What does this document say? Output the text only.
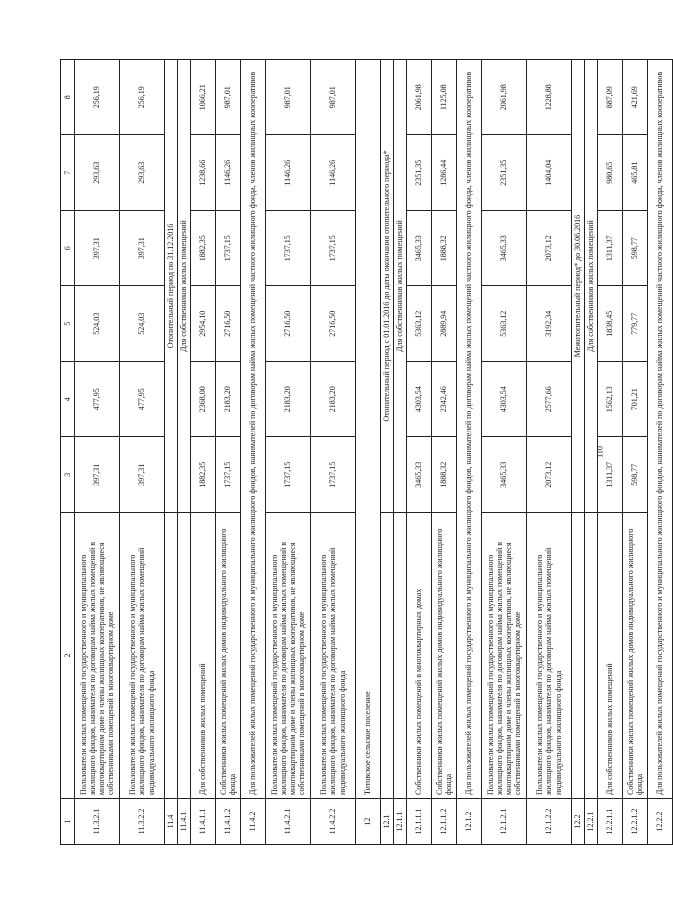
110
1	2	3	4	5	6	7	8
11.3.2.1	Пользователи жилых помещений государственного и муниципального жилищного фондов, нанимателя по договорам найма жилых помещений в многоквартирном доме и члены жилищных кооперативов, не являющиеся собственниками помещений в многоквартирном доме	397,31	477,95	524,03	397,31	293,63	256,19
11.3.2.2	Пользователи жилых помещений государственного и муниципального жилищного фондов, нанимателя по договорам найма жилых помещений индивидуального жилищного фонда	397,31	477,95	524,03	397,31	293,63	256,19
11.4		Отопительный период по 31.12.2016					
11.4.1		Для собственников жилых помещений					
11.4.1.1	Для собственников жилых помещений	1882,35	2368,00	2954,10	1882,35	1238,66	1066,21
11.4.1.2	Собственники жилых помещений жилых домов индивидуального жилищного фонда	1737,15	2183,20	2716,50	1737,15	1146,26	987,01
11.4.2	Для пользователей жилых помещений государственного и муниципального жилищного фондов, нанимателей по договорам найма жилых помещений частного жилищного фонда, членов жилищных кооперативов						
11.4.2.1	Пользователи жилых помещений государственного и муниципального жилищного фондов, нанимателя по договорам найма жилых помещений в многоквартирном доме и члены жилищных кооперативов, не являющиеся собственниками помещений в многоквартирном доме	1737,15	2183,20	2716,50	1737,15	1146,26	987,01
11.4.2.2	Пользователи жилых помещений государственного и муниципального жилищного фондов, нанимателя по договорам найма жилых помещений индивидуального жилищного фонда	1737,15	2183,20	2716,50	1737,15	1146,26	987,01
12	Титовское сельское поселение						
12.1		Отопительный период с 01.01.2016 до даты окончания отопительного периода*					
12.1.1		Для собственников жилых помещений					
12.1.1.1	Собственники жилых помещений в многоквартирных домах	3465,33	4303,54	5363,12	3465,33	2351,35	2061,98
12.1.1.2	Собственники жилых помещений жилых домов индивидуального жилищного фонда	1888,32	2342,46	2889,94	1888,32	1286,44	1125,08
12.1.2	Для пользователей жилых помещений государственного и муниципального жилищного фондов, нанимателей по договорам найма жилых помещений частного жилищного фонда, членов жилищных кооперативов						
12.1.2.1	Пользователи жилых помещений государственного и муниципального жилищного фондов, нанимателя по договорам найма жилых помещений в многоквартирном доме и члены жилищных кооперативов, не являющиеся собственниками помещений в многоквартирном доме	3465,33	4303,54	5363,12	3465,33	2351,35	2061,98
12.1.2.2	Пользователи жилых помещений государственного и муниципального жилищного фондов, нанимателя по договорам найма жилых помещений индивидуального жилищного фонда	2073,12	2577,66	3192,34	2073,12	1404,04	1228,88
12.2		Межотопительный период* до 30.06.2016					
12.2.1		Для собственников жилых помещений					
12.2.1.1	Для собственников жилых помещений	1311,37	1562,13	1838,45	1311,37	980,65	887,09
12.2.1.2	Собственники жилых помещений жилых домов индивидуального жилищного фонда	598,77	701,21	779,77	598,77	465,81	421,69
12.2.2	Для пользователей жилых помещений государственного и муниципального жилищного фондов, нанимателей по договорам найма жилых помещений частного жилищного фонда, членов жилищных кооперативов						
